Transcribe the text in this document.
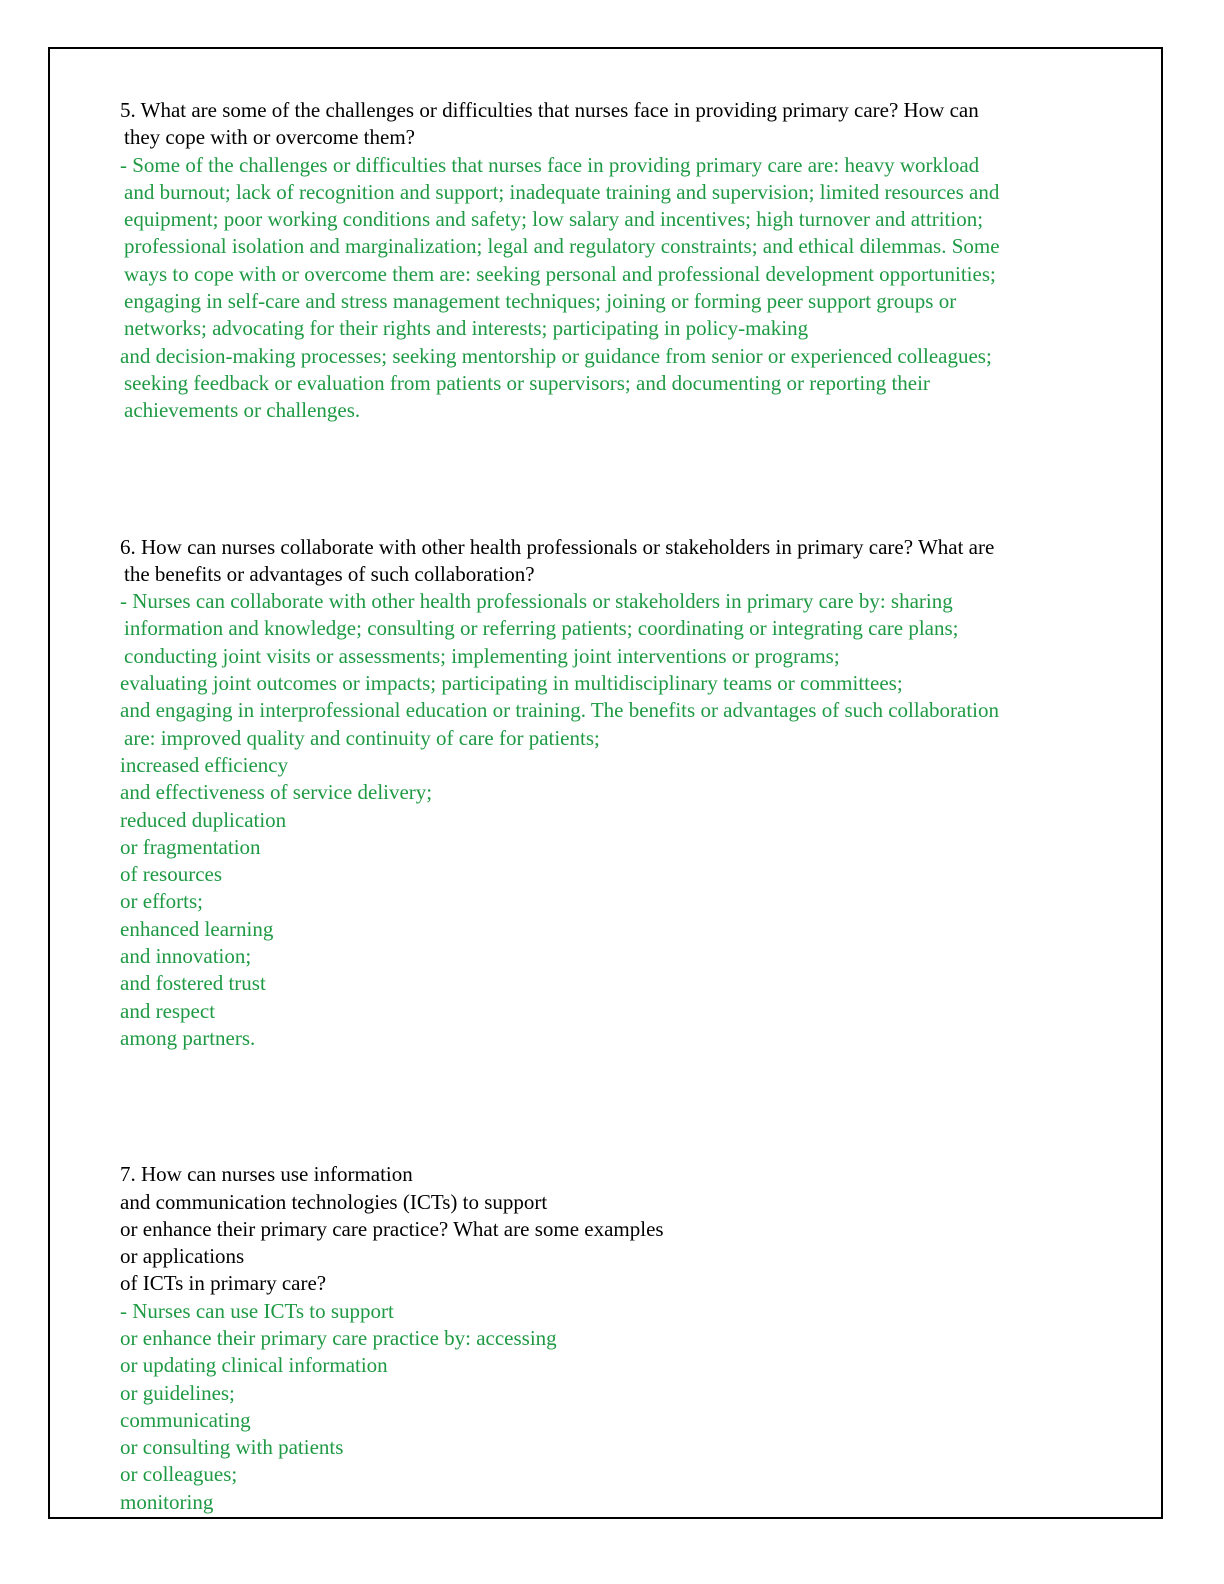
5. What are some of the challenges or difficulties that nurses face in providing primary care? How can
they cope with or overcome them?
- Some of the challenges or difficulties that nurses face in providing primary care are: heavy workload
and burnout; lack of recognition and support; inadequate training and supervision; limited resources and
equipment; poor working conditions and safety; low salary and incentives; high turnover and attrition;
professional isolation and marginalization; legal and regulatory constraints; and ethical dilemmas. Some
ways to cope with or overcome them are: seeking personal and professional development opportunities;
engaging in self-care and stress management techniques; joining or forming peer support groups or
networks; advocating for their rights and interests; participating in policy-making
and decision-making processes; seeking mentorship or guidance from senior or experienced colleagues;
seeking feedback or evaluation from patients or supervisors; and documenting or reporting their
achievements or challenges.
6. How can nurses collaborate with other health professionals or stakeholders in primary care? What are
the benefits or advantages of such collaboration?
- Nurses can collaborate with other health professionals or stakeholders in primary care by: sharing
information and knowledge; consulting or referring patients; coordinating or integrating care plans;
conducting joint visits or assessments; implementing joint interventions or programs;
evaluating joint outcomes or impacts; participating in multidisciplinary teams or committees;
and engaging in interprofessional education or training. The benefits or advantages of such collaboration
are: improved quality and continuity of care for patients;
increased efficiency
and effectiveness of service delivery;
reduced duplication
or fragmentation
of resources
or efforts;
enhanced learning
and innovation;
and fostered trust
and respect
among partners.
7. How can nurses use information
and communication technologies (ICTs) to support
or enhance their primary care practice? What are some examples
or applications
of ICTs in primary care?
- Nurses can use ICTs to support
or enhance their primary care practice by: accessing
or updating clinical information
or guidelines;
communicating
or consulting with patients
or colleagues;
monitoring
